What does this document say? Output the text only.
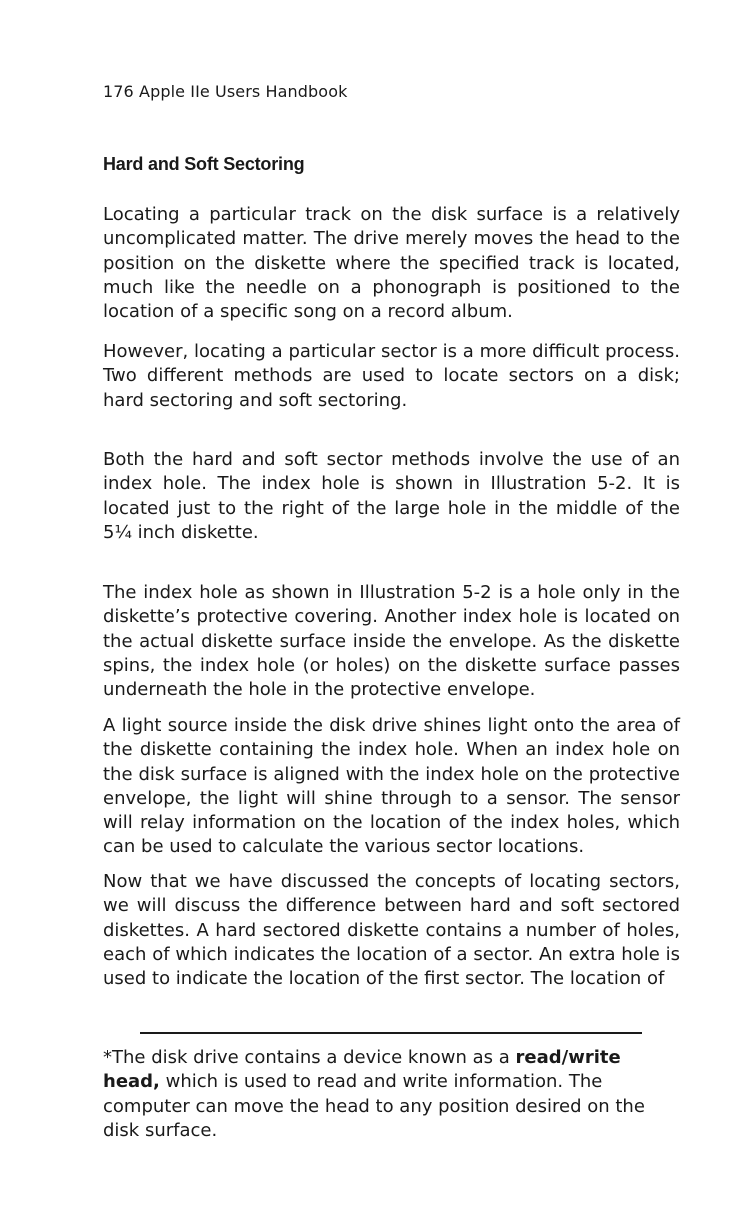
176 Apple IIe Users Handbook
Hard and Soft Sectoring

Locating a particular track on the disk surface is a relatively uncomplicated matter. The drive merely moves the head to the position on the diskette where the specified track is located, much like the needle on a phonograph is positioned to the location of a specific song on a record album.

However, locating a particular sector is a more difficult process. Two different methods are used to locate sectors on a disk; hard sectoring and soft sectoring.

Both the hard and soft sector methods involve the use of an index hole. The index hole is shown in Illustration 5-2. It is located just to the right of the large hole in the middle of the 5¼ inch diskette.

The index hole as shown in Illustration 5-2 is a hole only in the diskette’s protective covering. Another index hole is located on the actual diskette surface inside the envelope. As the diskette spins, the index hole (or holes) on the diskette surface passes underneath the hole in the protective envelope.

A light source inside the disk drive shines light onto the area of the diskette containing the index hole. When an index hole on the disk surface is aligned with the index hole on the protective envelope, the light will shine through to a sensor. The sensor will relay information on the location of the index holes, which can be used to calculate the various sector locations.

Now that we have discussed the concepts of locating sectors, we will discuss the difference between hard and soft sectored diskettes. A hard sectored diskette contains a number of holes, each of which indicates the location of a sector. An extra hole is used to indicate the location of the first sector. The location of

*The disk drive contains a device known as a read/write head, which is used to read and write information. The computer can move the head to any position desired on the disk surface.
